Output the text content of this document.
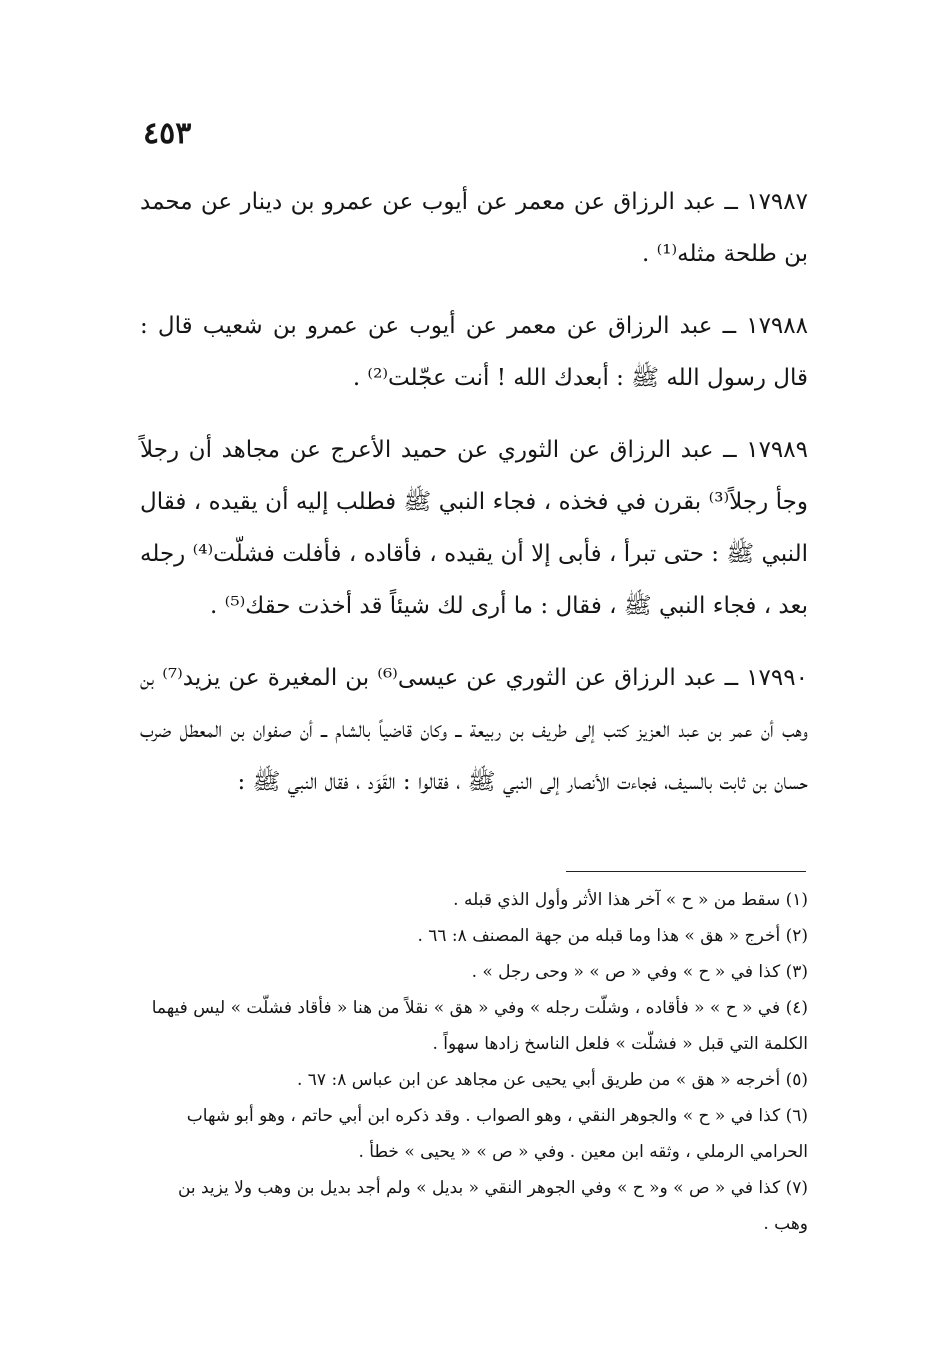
٤٥٣

١٧٩٨٧ ــ عبد الرزاق عن معمر عن أيوب عن عمرو بن دينار عن محمد بن طلحة مثله⁽¹⁾ .

١٧٩٨٨ ــ عبد الرزاق عن معمر عن أيوب عن عمرو بن شعيب قال : قال رسول الله ﷺ : أبعدك الله ! أنت عجّلت⁽²⁾ .

١٧٩٨٩ ــ عبد الرزاق عن الثوري عن حميد الأعرج عن مجاهد أن رجلاً وجأ رجلاً⁽³⁾ بقرن في فخذه ، فجاء النبي ﷺ فطلب إليه أن يقيده ، فقال النبي ﷺ : حتى تبرأ ، فأبى إلا أن يقيده ، فأقاده ، فأفلت فشلّت⁽⁴⁾ رجله بعد ، فجاء النبي ﷺ ، فقال : ما أرى لك شيئاً قد أخذت حقك⁽⁵⁾ .

١٧٩٩٠ ــ عبد الرزاق عن الثوري عن عيسى⁽⁶⁾ بن المغيرة عن يزيد⁽⁷⁾ بن وهب أن عمر بن عبد العزيز كتب إلى طريف بن ربيعة ــ وكان قاضياً بالشام ــ أن صفوان بن المعطل ضرب حسان بن ثابت بالسيف، فجاءت الأنصار إلى النبي ﷺ ، فقالوا : القَوَد ، فقال النبي ﷺ :

(١) سقط من « ح » آخر هذا الأثر وأول الذي قبله .

(٢) أخرج « هق » هذا وما قبله من جهة المصنف ٨: ٦٦ .

(٣) كذا في « ح » وفي « ص » « وحى رجل » .

(٤) في « ح » « فأقاده ، وشلّت رجله » وفي « هق » نقلاً من هنا « فأقاد فشلّت » ليس فيهما الكلمة التي قبل « فشلّت » فلعل الناسخ زادها سهواً .

(٥) أخرجه « هق » من طريق أبي يحيى عن مجاهد عن ابن عباس ٨: ٦٧ .

(٦) كذا في « ح » والجوهر النقي ، وهو الصواب . وقد ذكره ابن أبي حاتم ، وهو أبو شهاب الحرامي الرملي ، وثقه ابن معين . وفي « ص » « يحيى » خطأ .

(٧) كذا في « ص » و« ح » وفي الجوهر النقي « بديل » ولم أجد بديل بن وهب ولا يزيد بن وهب .
